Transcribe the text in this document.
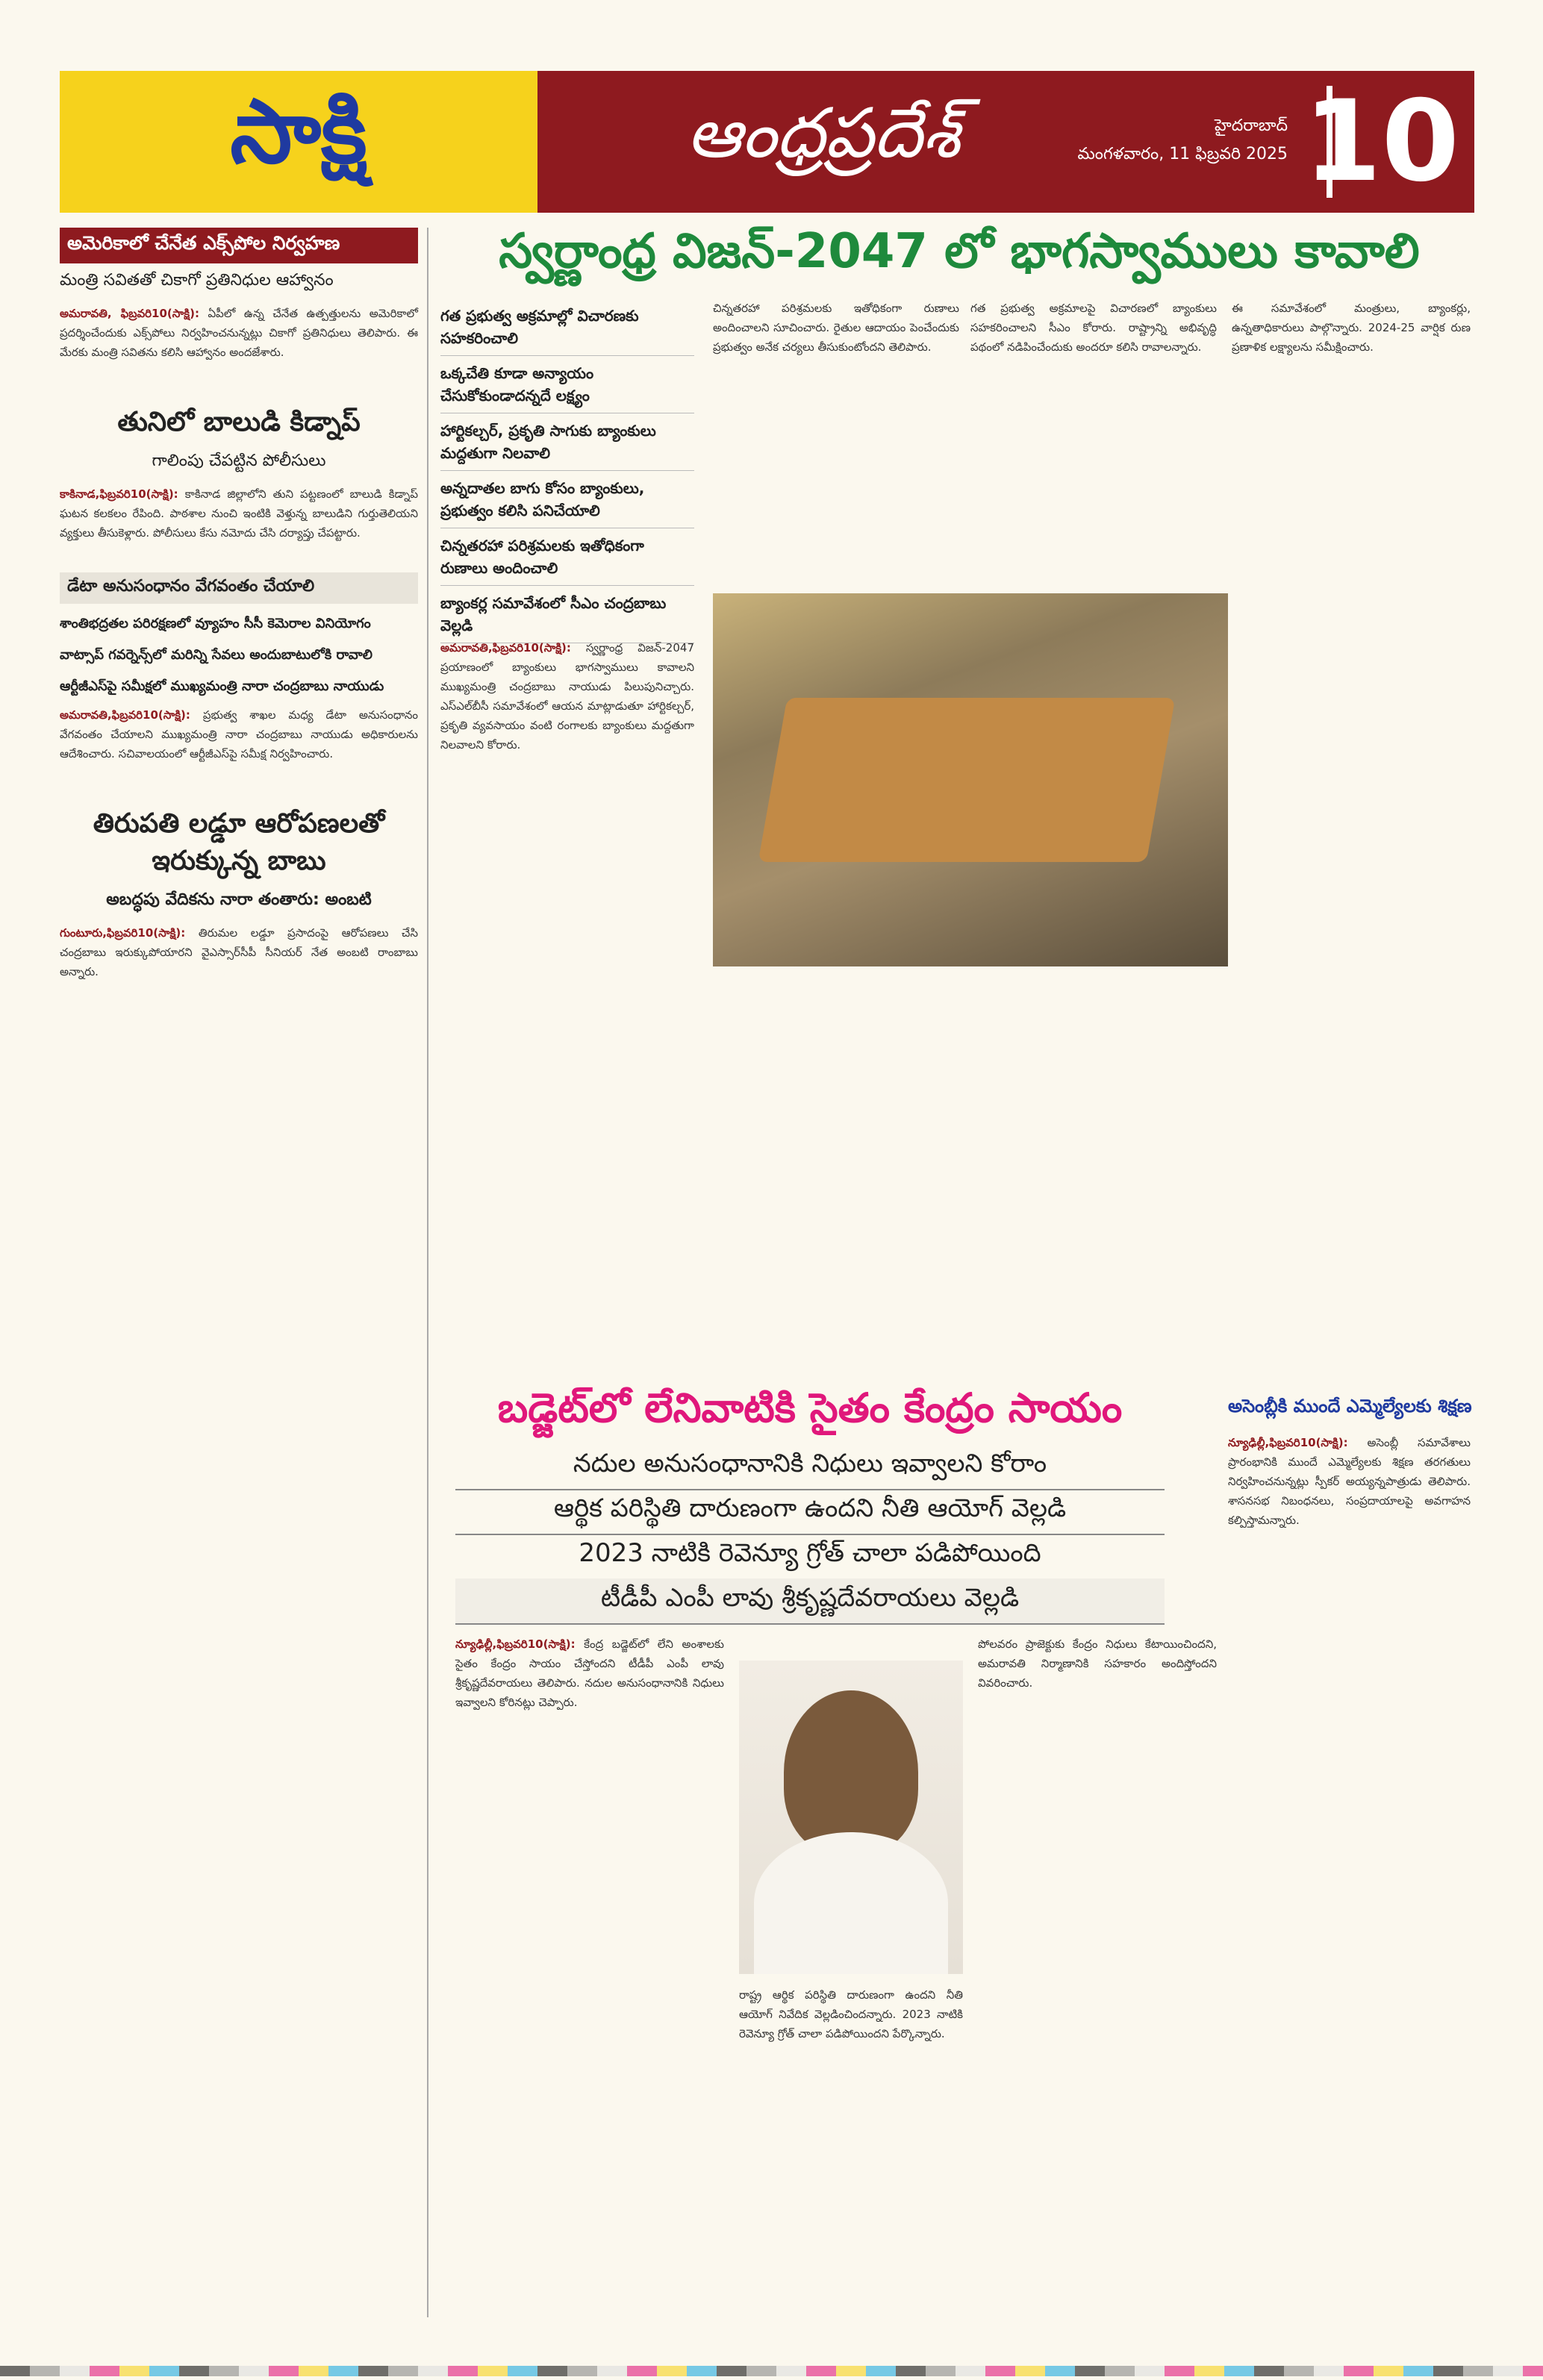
సాక్షి	ఆంధ్రప్రదేశ్	హైదరాబాద్
మంగళవారం, 11 ఫిబ్రవరి 2025 10
అమెరికాలో చేనేత ఎక్స్‌పోల నిర్వహణ
మంత్రి సవితతో చికాగో ప్రతినిధుల ఆహ్వానం
అమరావతి, ఫిబ్రవరి10(సాక్షి): ఏపీలో ఉన్న చేనేత ఉత్పత్తులను అమెరికాలో ప్రదర్శించేందుకు ఎక్స్‌పోలు నిర్వహించనున్నట్లు చికాగో ప్రతినిధులు తెలిపారు. ఈ మేరకు మంత్రి సవితను కలిసి ఆహ్వానం అందజేశారు.
తునిలో బాలుడి కిడ్నాప్
గాలింపు చేపట్టిన పోలీసులు
కాకినాడ,ఫిబ్రవరి10(సాక్షి): కాకినాడ జిల్లాలోని తుని పట్టణంలో బాలుడి కిడ్నాప్ ఘటన కలకలం రేపింది. పాఠశాల నుంచి ఇంటికి వెళ్తున్న బాలుడిని గుర్తుతెలియని వ్యక్తులు తీసుకెళ్లారు. పోలీసులు కేసు నమోదు చేసి దర్యాప్తు చేపట్టారు.
డేటా అనుసంధానం వేగవంతం చేయాలి
శాంతిభద్రతల పరిరక్షణలో వ్యూహం సీసీ కెమెరాల వినియోగం
వాట్సాప్ గవర్నెన్స్‌లో మరిన్ని సేవలు అందుబాటులోకి రావాలి
ఆర్టీజీఎస్‌పై సమీక్షలో ముఖ్యమంత్రి నారా చంద్రబాబు నాయుడు
అమరావతి,ఫిబ్రవరి10(సాక్షి): ప్రభుత్వ శాఖల మధ్య డేటా అనుసంధానం వేగవంతం చేయాలని ముఖ్యమంత్రి నారా చంద్రబాబు నాయుడు అధికారులను ఆదేశించారు. సచివాలయంలో ఆర్టీజీఎస్‌పై సమీక్ష నిర్వహించారు.
తిరుపతి లడ్డూ ఆరోపణలతో ఇరుక్కున్న బాబు
అబద్ధపు వేదికను నారా తంతారు: అంబటి
గుంటూరు,ఫిబ్రవరి10(సాక్షి): తిరుమల లడ్డూ ప్రసాదంపై ఆరోపణలు చేసి చంద్రబాబు ఇరుక్కుపోయారని వైఎస్సార్‌సీపీ సీనియర్ నేత అంబటి రాంబాబు అన్నారు.
స్వర్ణాంధ్ర విజన్-2047 లో భాగస్వాములు కావాలి
గత ప్రభుత్వ అక్రమాల్లో విచారణకు సహకరించాలి
ఒక్కచేతి కూడా అన్యాయం చేసుకోకుండాదన్నదే లక్ష్యం
హార్టికల్చర్, ప్రకృతి సాగుకు బ్యాంకులు మద్దతుగా నిలవాలి
అన్నదాతల బాగు కోసం బ్యాంకులు, ప్రభుత్వం కలిసి పనిచేయాలి
చిన్నతరహా పరిశ్రమలకు ఇతోధికంగా రుణాలు అందించాలి
బ్యాంకర్ల సమావేశంలో సీఎం చంద్రబాబు వెల్లడి
అమరావతి,ఫిబ్రవరి10(సాక్షి): స్వర్ణాంధ్ర విజన్-2047 ప్రయాణంలో బ్యాంకులు భాగస్వాములు కావాలని ముఖ్యమంత్రి చంద్రబాబు నాయుడు పిలుపునిచ్చారు. ఎస్‌ఎల్‌బీసీ సమావేశంలో ఆయన మాట్లాడుతూ హార్టికల్చర్, ప్రకృతి వ్యవసాయం వంటి రంగాలకు బ్యాంకులు మద్దతుగా నిలవాలని కోరారు.
చిన్నతరహా పరిశ్రమలకు ఇతోధికంగా రుణాలు అందించాలని సూచించారు. రైతుల ఆదాయం పెంచేందుకు ప్రభుత్వం అనేక చర్యలు తీసుకుంటోందని తెలిపారు.
గత ప్రభుత్వ అక్రమాలపై విచారణలో బ్యాంకులు సహకరించాలని సీఎం కోరారు. రాష్ట్రాన్ని అభివృద్ధి పథంలో నడిపించేందుకు అందరూ కలిసి రావాలన్నారు.
ఈ సమావేశంలో మంత్రులు, బ్యాంకర్లు, ఉన్నతాధికారులు పాల్గొన్నారు. 2024-25 వార్షిక రుణ ప్రణాళిక లక్ష్యాలను సమీక్షించారు.
బడ్జెట్‌లో లేనివాటికి సైతం కేంద్రం సాయం
నదుల అనుసంధానానికి నిధులు ఇవ్వాలని కోరాం
ఆర్థిక పరిస్థితి దారుణంగా ఉందని నీతి ఆయోగ్ వెల్లడి
2023 నాటికి రెవెన్యూ గ్రోత్ చాలా పడిపోయింది
టీడీపీ ఎంపీ లావు శ్రీకృష్ణదేవరాయలు వెల్లడి
న్యూఢిల్లీ,ఫిబ్రవరి10(సాక్షి): కేంద్ర బడ్జెట్‌లో లేని అంశాలకు సైతం కేంద్రం సాయం చేస్తోందని టీడీపీ ఎంపీ లావు శ్రీకృష్ణదేవరాయలు తెలిపారు. నదుల అనుసంధానానికి నిధులు ఇవ్వాలని కోరినట్లు చెప్పారు.
రాష్ట్ర ఆర్థిక పరిస్థితి దారుణంగా ఉందని నీతి ఆయోగ్ నివేదిక వెల్లడించిందన్నారు. 2023 నాటికి రెవెన్యూ గ్రోత్ చాలా పడిపోయిందని పేర్కొన్నారు.
పోలవరం ప్రాజెక్టుకు కేంద్రం నిధులు కేటాయించిందని, అమరావతి నిర్మాణానికి సహకారం అందిస్తోందని వివరించారు.
అసెంబ్లీకి ముందే ఎమ్మెల్యేలకు శిక్షణ
న్యూఢిల్లీ,ఫిబ్రవరి10(సాక్షి): అసెంబ్లీ సమావేశాలు ప్రారంభానికి ముందే ఎమ్మెల్యేలకు శిక్షణ తరగతులు నిర్వహించనున్నట్లు స్పీకర్ అయ్యన్నపాత్రుడు తెలిపారు. శాసనసభ నిబంధనలు, సంప్రదాయాలపై అవగాహన కల్పిస్తామన్నారు.
